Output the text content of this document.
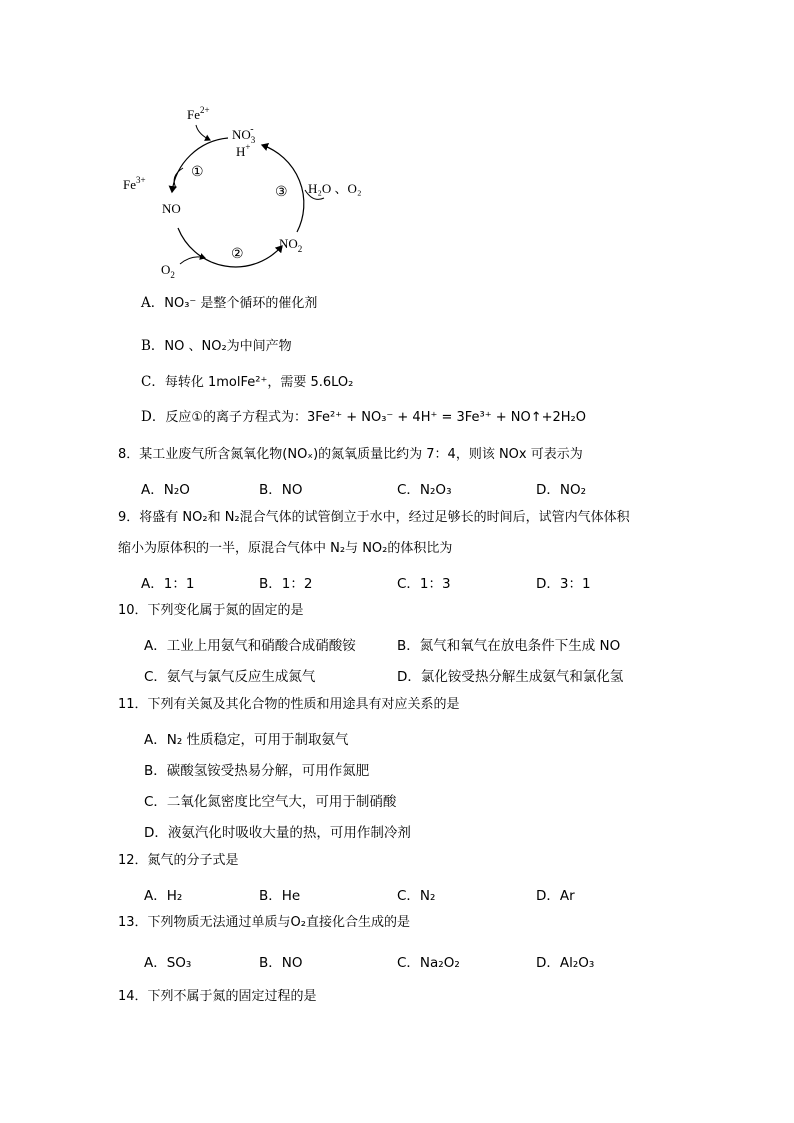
$Fe^{2+}$
$NO_3-$
H+
$Fe^{3+}$	①
NO
③ H₂O 、O₂
②
$NO_2$
$O_2$
A．NO₃⁻ 是整个循环的催化剂
B．NO 、NO₂为中间产物
C．每转化 1molFe²⁺，需要 5.6LO₂
D．反应①的离子方程式为：3Fe²⁺ + NO₃⁻ + 4H⁺ = 3Fe³⁺ + NO↑+2H₂O
8．某工业废气所含氮氧化物(NOₓ)的氮氧质量比约为 7：4，则该 NOx 可表示为
A．N₂O	B．NO	C．N₂O₃	D．NO₂
9．将盛有 NO₂和 N₂混合气体的试管倒立于水中，经过足够长的时间后，试管内气体体积
缩小为原体积的一半，原混合气体中 N₂与 NO₂的体积比为
A．1：1	B．1：2	C．1：3	D．3：1
10．下列变化属于氮的固定的是
A．工业上用氨气和硝酸合成硝酸铵	B．氮气和氧气在放电条件下生成 NO
C．氨气与氯气反应生成氮气	D．氯化铵受热分解生成氨气和氯化氢
11．下列有关氮及其化合物的性质和用途具有对应关系的是
A．N₂ 性质稳定，可用于制取氨气
B．碳酸氢铵受热易分解，可用作氮肥
C．二氧化氮密度比空气大，可用于制硝酸
D．液氨汽化时吸收大量的热，可用作制冷剂
12．氮气的分子式是
A．H₂	B．He	C．N₂	D．Ar
13．下列物质无法通过单质与O₂直接化合生成的是
A．SO₃	B．NO	C．Na₂O₂	D．Al₂O₃
14．下列不属于氮的固定过程的是
